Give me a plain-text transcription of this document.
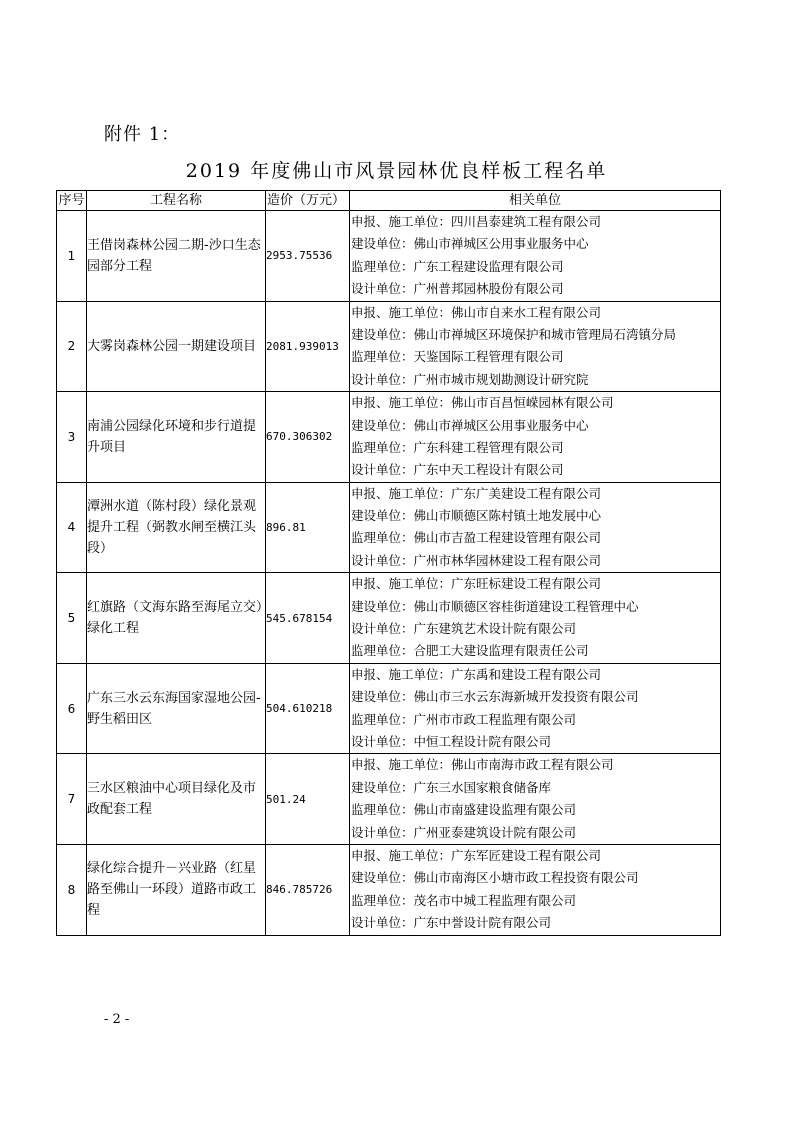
附件 1：
2019 年度佛山市风景园林优良样板工程名单
序号	工程名称	造价（万元）	相关单位
1	王借岗森林公园二期-沙口生态园部分工程	2953.75536	申报、施工单位：四川昌泰建筑工程有限公司
建设单位：佛山市禅城区公用事业服务中心
监理单位：广东工程建设监理有限公司
设计单位：广州普邦园林股份有限公司

2	大雾岗森林公园一期建设项目	2081.939013	申报、施工单位：佛山市自来水工程有限公司
建设单位：佛山市禅城区环境保护和城市管理局石湾镇分局
监理单位：天鉴国际工程管理有限公司
设计单位：广州市城市规划勘测设计研究院

3	南浦公园绿化环境和步行道提升项目	670.306302	申报、施工单位：佛山市百昌恒嵘园林有限公司
建设单位：佛山市禅城区公用事业服务中心
监理单位：广东科建工程管理有限公司
设计单位：广东中天工程设计有限公司

4	潭洲水道（陈村段）绿化景观提升工程（弼教水闸至横江头段）	896.81	申报、施工单位：广东广美建设工程有限公司
建设单位：佛山市顺德区陈村镇土地发展中心
监理单位：佛山市吉盈工程建设管理有限公司
设计单位：广州市林华园林建设工程有限公司

5	红旗路（文海东路至海尾立交）绿化工程	545.678154	申报、施工单位：广东旺标建设工程有限公司
建设单位：佛山市顺德区容桂街道建设工程管理中心
设计单位：广东建筑艺术设计院有限公司
监理单位：合肥工大建设监理有限责任公司

6	广东三水云东海国家湿地公园-野生稻田区	504.610218	申报、施工单位：广东禹和建设工程有限公司
建设单位：佛山市三水云东海新城开发投资有限公司
监理单位：广州市市政工程监理有限公司
设计单位：中恒工程设计院有限公司

7	三水区粮油中心项目绿化及市政配套工程	501.24	申报、施工单位：佛山市南海市政工程有限公司
建设单位：广东三水国家粮食储备库
监理单位：佛山市南盛建设监理有限公司
设计单位：广州亚泰建筑设计院有限公司

8	绿化综合提升－兴业路（红星路至佛山一环段）道路市政工程	846.785726	申报、施工单位：广东军匠建设工程有限公司
建设单位：佛山市南海区小塘市政工程投资有限公司
监理单位：茂名市中城工程监理有限公司
设计单位：广东中誉设计院有限公司
- 2 -
